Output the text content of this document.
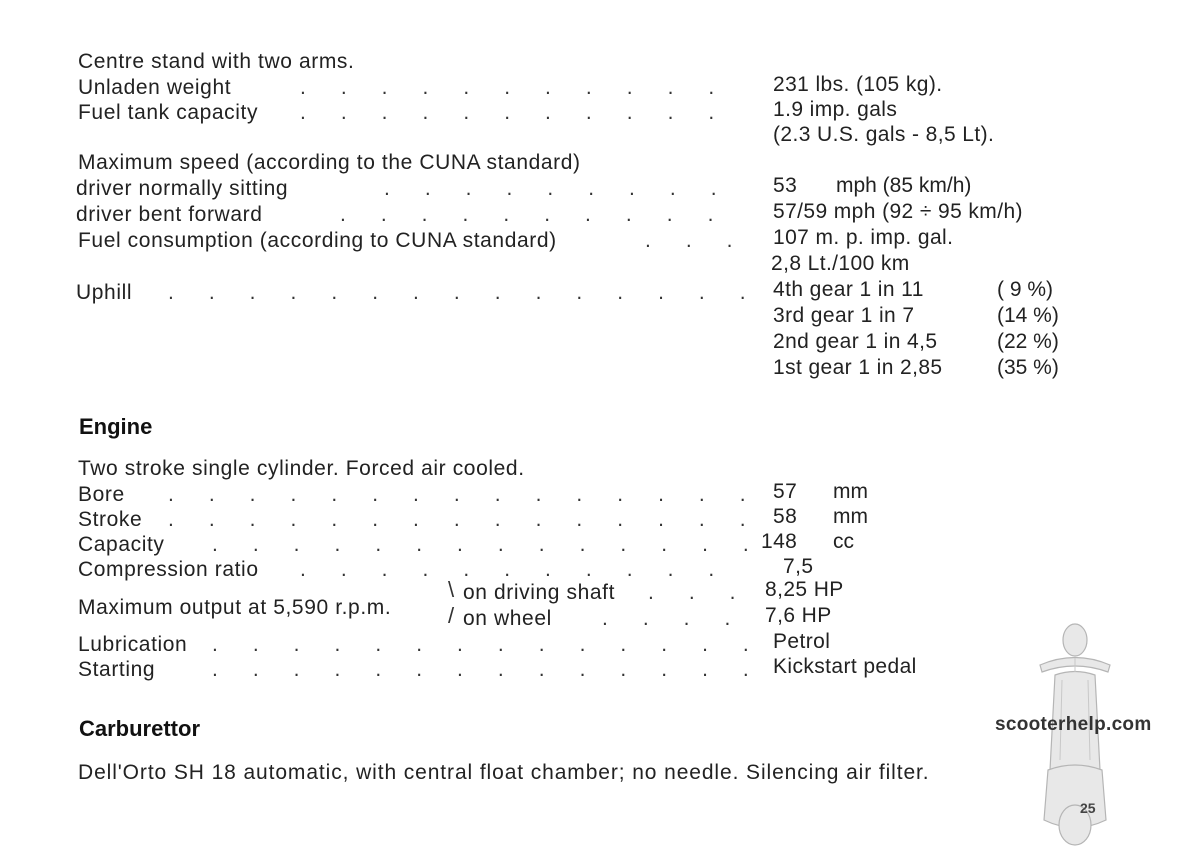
Centre stand with two arms.
Unladen weight	.      .      .      .      .      .      .      .      .      .      .	231 lbs. (105 kg).
Fuel tank capacity .      .      .      .      .      .      .      .      .      .      .	1.9 imp. gals
(2.3 U.S. gals - 8,5 Lt).
Maximum speed (according to the CUNA standard)
driver normally sitting	.      .      .      .      .      .      .      .      .	53 mph (85 km/h)
driver bent forward	.      .      .      .      .      .      .      .      .      .	57/59 mph (92 ÷ 95 km/h)
Fuel consumption (according to CUNA standard)	.      .      . 107 m. p. imp. gal.
2,8 Lt./100 km
Uphill .      .      .      .      .      .      .      .      .      .      .      .      .      .      . 4th gear 1 in 11	( 9 %)
3rd gear 1 in 7	(14 %)
2nd gear 1 in 4,5	(22 %)
1st gear 1 in 2,85	(35 %)
Engine
Two stroke single cylinder. Forced air cooled.
Bore .      .      .      .      .      .      .      .      .      .      .      .      .      .      . 57 mm
Stroke .      .      .      .      .      .      .      .      .      .      .      .      .      .      . 58 mm
Capacity .      .      .      .      .      .      .      .      .      .      .      .      .      . 148 cc
Compression ratio .      .      .      .      .      .      .      .      .      .      .	7,5
Maximum output at 5,590 r.p.m.
\
/
on driving shaft .      .      . 8,25 HP
on wheel .      .      .      . 7,6 HP
Lubrication .      .      .      .      .      .      .      .      .      .      .      .      .      . Petrol
Starting	.      .      .      .      .      .      .      .      .      .      .      .      .      . Kickstart pedal
Carburettor
Dell'Orto SH 18 automatic, with central float chamber; no needle. Silencing air filter.
scooterhelp.com
25
